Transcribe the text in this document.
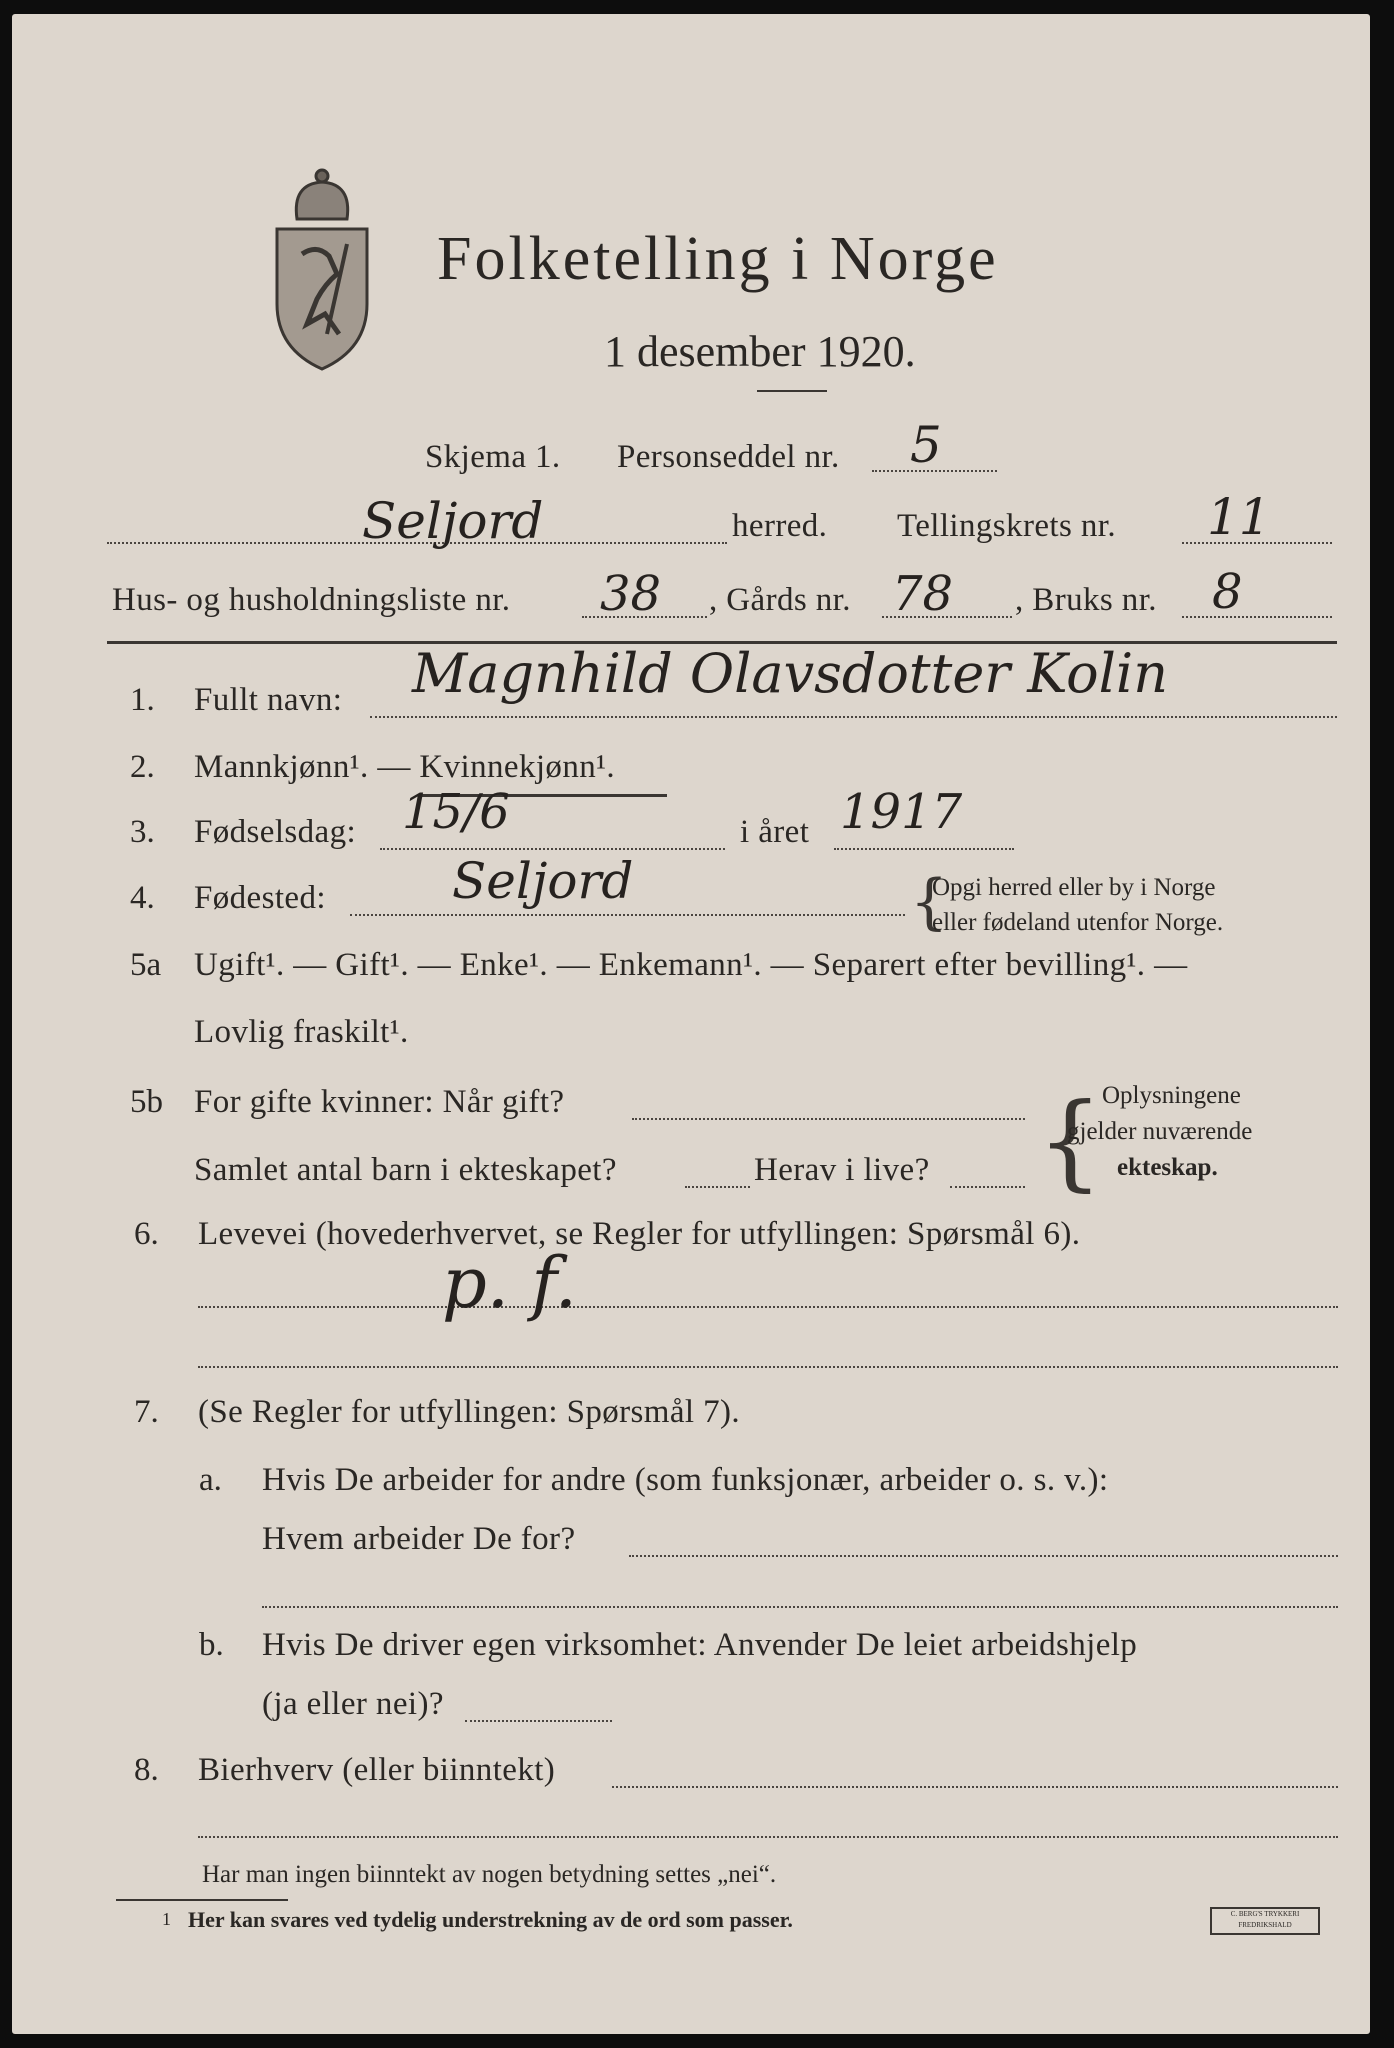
Folketelling i Norge
1 desember 1920.
Skjema 1. Personseddel nr. 5
Seljord	herred. Tellingskrets nr. 11
Hus- og husholdningsliste nr. 38 , Gårds nr. 78 , Bruks nr. 8
1. Fullt navn: Magnhild Olavsdotter Kolin
2. Mannkjønn¹. — Kvinnekjønn¹.
3. Fødselsdag: 15/6	i året 1917
4. Fødested:	Seljord	{
Opgi herred eller by i Norge
eller fødeland utenfor Norge.
5a Ugift¹. — Gift¹. — Enke¹. — Enkemann¹. — Separert efter bevilling¹. —
Lovlig fraskilt¹.
5b For gifte kvinner: Når gift?
Samlet antal barn i ekteskapet?	Herav i live? {
Oplysningene
gjelder nuværende
ekteskap.
6. Levevei (hovederhvervet, se Regler for utfyllingen: Spørsmål 6).
p. f.
7. (Se Regler for utfyllingen: Spørsmål 7).
a. Hvis De arbeider for andre (som funksjonær, arbeider o. s. v.):
Hvem arbeider De for?
b. Hvis De driver egen virksomhet: Anvender De leiet arbeidshjelp
(ja eller nei)?
8. Bierhverv (eller biinntekt)
Har man ingen biinntekt av nogen betydning settes „nei“.
1 Her kan svares ved tydelig understrekning av de ord som passer.	C. BERG'S TRYKKERI FREDRIKSHALD
